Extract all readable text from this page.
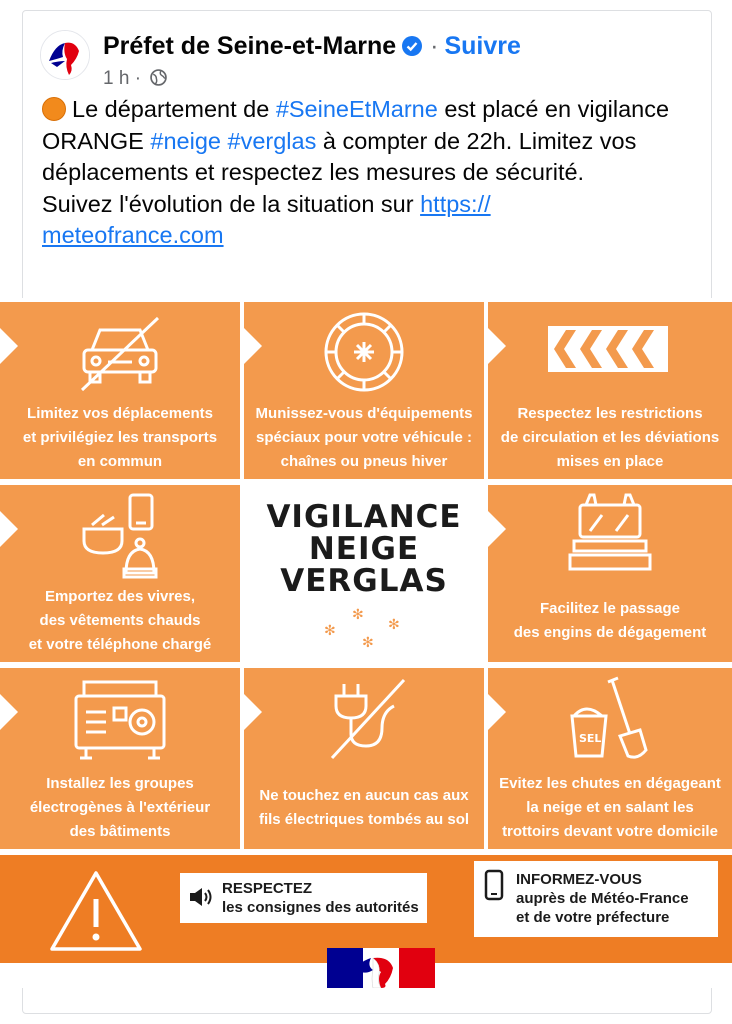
Préfet de Seine-et-Marne · Suivre
1 h ·
Le département de #SeineEtMarne est placé en vigilance ORANGE #neige #verglas à compter de 22h. Limitez vos déplacements et respectez les mesures de sécurité.
Suivez l'évolution de la situation sur https://
meteofrance.com
Limitez vos déplacements
et privilégiez les transports
en commun
Munissez-vous d'équipements
spéciaux pour votre véhicule :
chaînes ou pneus hiver
Respectez les restrictions
de circulation et les déviations
mises en place
Emportez des vivres,
des vêtements chauds
et votre téléphone chargé
VIGILANCE
NEIGE
VERGLAS
✻
✻
✻
✻
Facilitez le passage
des engins de dégagement
Installez les groupes
électrogènes à l'extérieur
des bâtiments
Ne touchez en aucun cas aux
fils électriques tombés au sol
SEL
Evitez les chutes en dégageant
la neige et en salant les
trottoirs devant votre domicile
RESPECTEZ
les consignes des autorités
INFORMEZ-VOUS
auprès de Météo-France
et de votre préfecture
